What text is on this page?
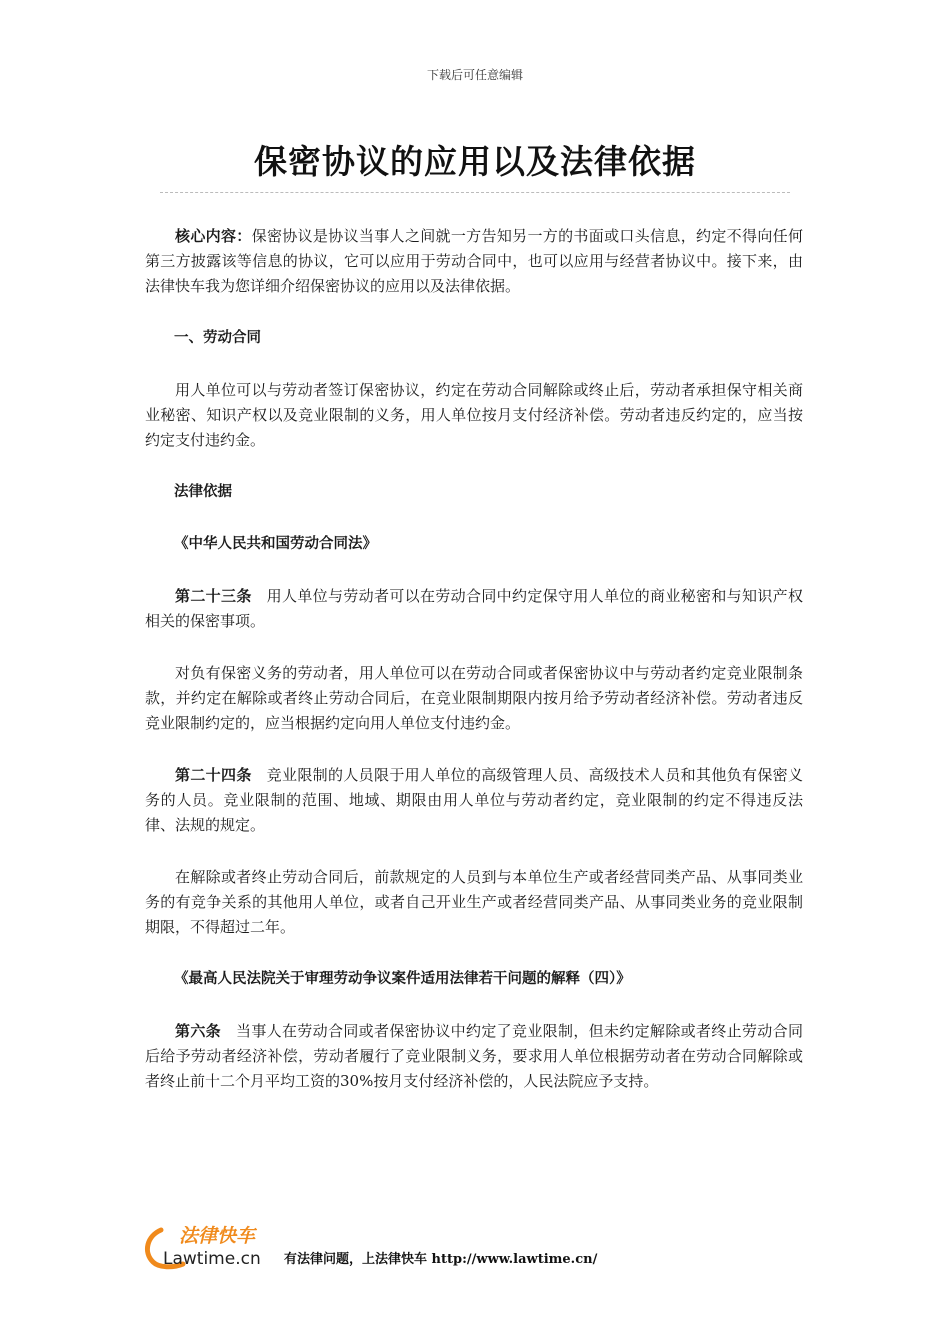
下载后可任意编辑
保密协议的应用以及法律依据

核心内容：保密协议是协议当事人之间就一方告知另一方的书面或口头信息，约定不得向任何第三方披露该等信息的协议，它可以应用于劳动合同中，也可以应用与经营者协议中。接下来，由法律快车我为您详细介绍保密协议的应用以及法律依据。

一、劳动合同

用人单位可以与劳动者签订保密协议，约定在劳动合同解除或终止后，劳动者承担保守相关商业秘密、知识产权以及竞业限制的义务，用人单位按月支付经济补偿。劳动者违反约定的，应当按约定支付违约金。

法律依据

《中华人民共和国劳动合同法》

第二十三条 用人单位与劳动者可以在劳动合同中约定保守用人单位的商业秘密和与知识产权相关的保密事项。

对负有保密义务的劳动者，用人单位可以在劳动合同或者保密协议中与劳动者约定竞业限制条款，并约定在解除或者终止劳动合同后，在竞业限制期限内按月给予劳动者经济补偿。劳动者违反竞业限制约定的，应当根据约定向用人单位支付违约金。

第二十四条 竞业限制的人员限于用人单位的高级管理人员、高级技术人员和其他负有保密义务的人员。竞业限制的范围、地域、期限由用人单位与劳动者约定，竞业限制的约定不得违反法律、法规的规定。

在解除或者终止劳动合同后，前款规定的人员到与本单位生产或者经营同类产品、从事同类业务的有竞争关系的其他用人单位，或者自己开业生产或者经营同类产品、从事同类业务的竞业限制期限，不得超过二年。

《最高人民法院关于审理劳动争议案件适用法律若干问题的解释（四）》

第六条 当事人在劳动合同或者保密协议中约定了竞业限制，但未约定解除或者终止劳动合同后给予劳动者经济补偿，劳动者履行了竞业限制义务，要求用人单位根据劳动者在劳动合同解除或者终止前十二个月平均工资的30%按月支付经济补偿的，人民法院应予支持。

法律快车
Lawtime.cn 有法律问题，上法律快车 http://www.lawtime.cn/
